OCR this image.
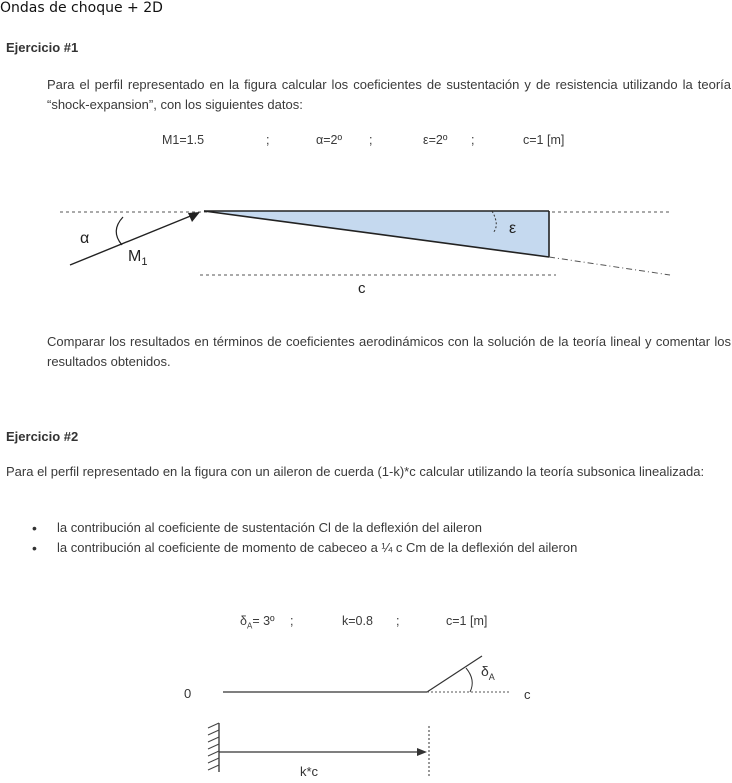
Ondas de choque + 2D
Ejercicio #1
Para el perfil representado en la figura calcular los coeficientes de sustentación y de resistencia utilizando la teoría “shock-expansion”, con los siguientes datos:
M1=1.5	;	α=2º ;	ε=2º ;	c=1 [m]
ε
α
$M_1$
c
Comparar los resultados en términos de coeficientes aerodinámicos con la solución de la teoría lineal y comentar los resultados obtenidos.
Ejercicio #2
Para el perfil representado en la figura con un aileron de cuerda (1-k)*c calcular utilizando la teoría subsonica linealizada:
• la contribución al coeficiente de sustentación Cl de la deflexión del aileron
• la contribución al coeficiente de momento de cabeceo a ¼ c Cm de la deflexión del aileron
$\delta_A=$ 3º ;	k=0.8 ;	c=1 [m]
0	c
$\delta_A$
k*c
